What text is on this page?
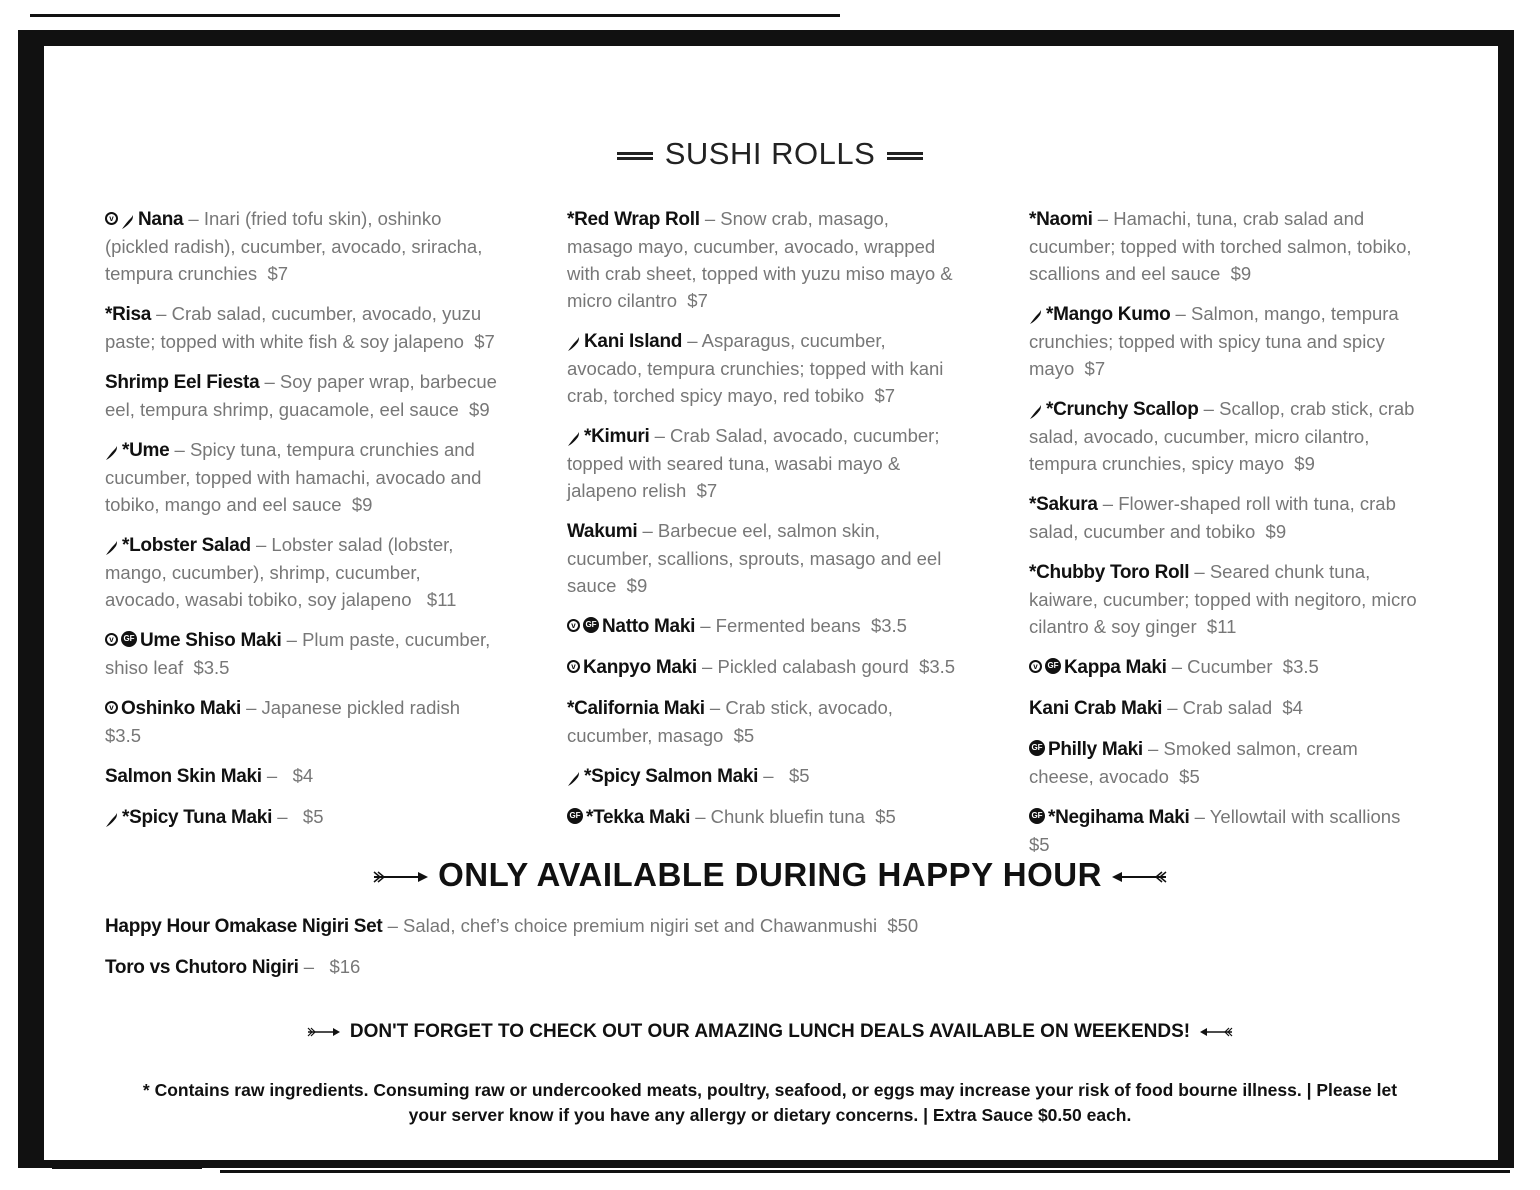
SUSHI ROLLS
v Nana – Inari (fried tofu skin), oshinko (pickled radish), cucumber, avocado, sriracha, tempura crunchies $7
*Risa – Crab salad, cucumber, avocado, yuzu paste; topped with white fish & soy jalapeno $7
Shrimp Eel Fiesta – Soy paper wrap, barbecue eel, tempura shrimp, guacamole, eel sauce $9
*Ume – Spicy tuna, tempura crunchies and cucumber, topped with hamachi, avocado and tobiko, mango and eel sauce $9
*Lobster Salad – Lobster salad (lobster, mango, cucumber), shrimp, cucumber, avocado, wasabi tobiko, soy jalapeno   $11
v GF Ume Shiso Maki – Plum paste, cucumber, shiso leaf $3.5
v Oshinko Maki – Japanese pickled radish  $3.5
Salmon Skin Maki –   $4
*Spicy Tuna Maki –   $5
*Red Wrap Roll – Snow crab, masago, masago mayo, cucumber, avocado, wrapped with crab sheet, topped with yuzu miso mayo & micro cilantro $7
Kani Island – Asparagus, cucumber, avocado, tempura crunchies; topped with kani crab, torched spicy mayo, red tobiko $7
*Kimuri – Crab Salad, avocado, cucumber; topped with seared tuna, wasabi mayo & jalapeno relish $7
Wakumi – Barbecue eel, salmon skin, cucumber, scallions, sprouts, masago and eel sauce $9
v GF Natto Maki – Fermented beans $3.5
v Kanpyo Maki – Pickled calabash gourd $3.5
*California Maki – Crab stick, avocado, cucumber, masago $5
*Spicy Salmon Maki –   $5
GF *Tekka Maki – Chunk bluefin tuna $5
*Naomi – Hamachi, tuna, crab salad and cucumber; topped with torched salmon, tobiko, scallions and eel sauce $9
*Mango Kumo – Salmon, mango, tempura crunchies; topped with spicy tuna and spicy mayo $7
*Crunchy Scallop – Scallop, crab stick, crab salad, avocado, cucumber, micro cilantro, tempura crunchies, spicy mayo $9
*Sakura – Flower-shaped roll with tuna, crab salad, cucumber and tobiko $9
*Chubby Toro Roll – Seared chunk tuna, kaiware, cucumber; topped with negitoro, micro cilantro & soy ginger $11
v GF Kappa Maki – Cucumber $3.5
Kani Crab Maki – Crab salad $4
GF Philly Maki – Smoked salmon, cream cheese, avocado $5
GF *Negihama Maki – Yellowtail with scallions  $5
ONLY AVAILABLE DURING HAPPY HOUR
Happy Hour Omakase Nigiri Set – Salad, chef’s choice premium nigiri set and Chawanmushi $50
Toro vs Chutoro Nigiri –   $16
DON'T FORGET TO CHECK OUT OUR AMAZING LUNCH DEALS AVAILABLE ON WEEKENDS!
* Contains raw ingredients. Consuming raw or undercooked meats, poultry, seafood, or eggs may increase your risk of food bourne illness. | Please let your server know if you have any allergy or dietary concerns. | Extra Sauce $0.50 each.
